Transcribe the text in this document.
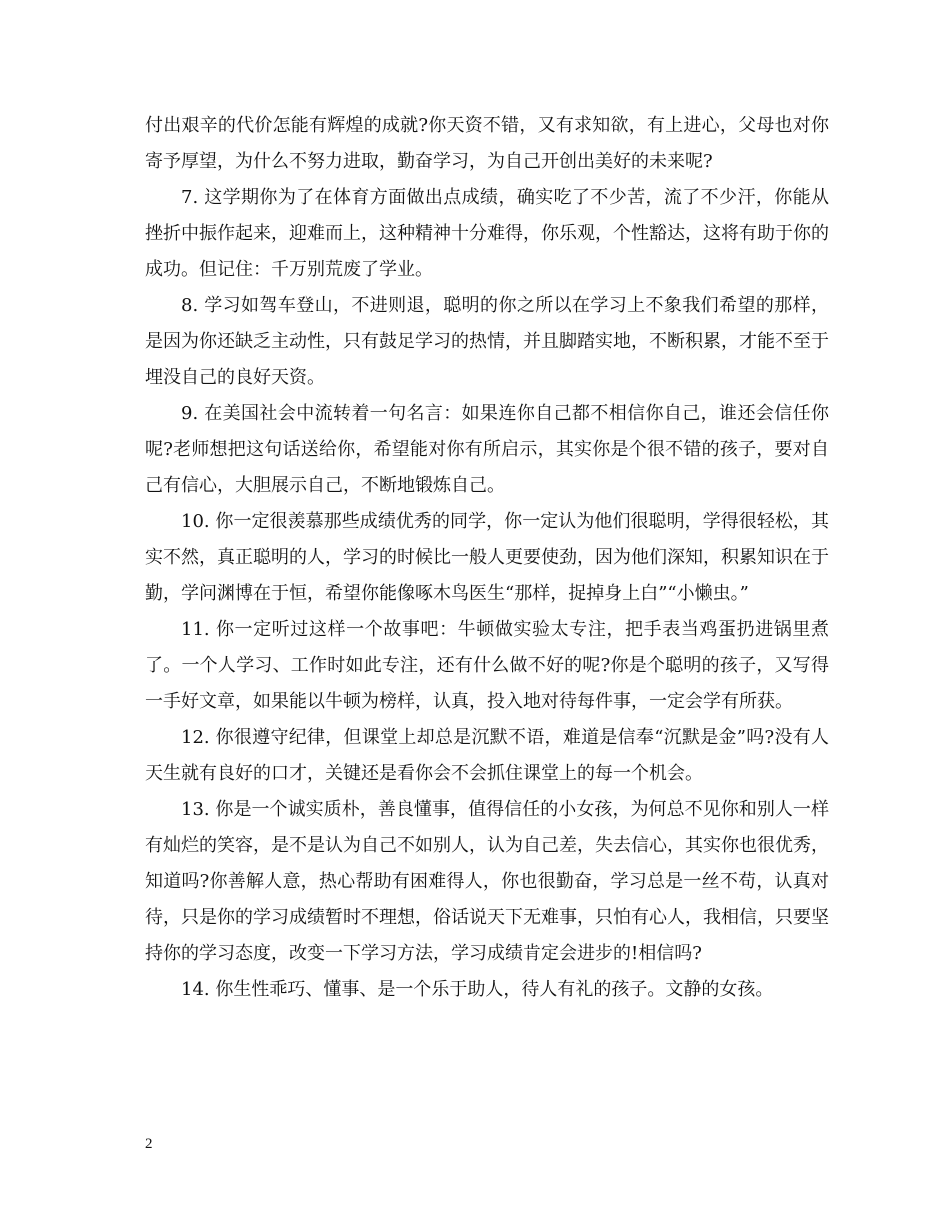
付出艰辛的代价怎能有辉煌的成就?你天资不错，又有求知欲，有上进心，父母也对你寄予厚望，为什么不努力进取，勤奋学习，为自己开创出美好的未来呢?

7. 这学期你为了在体育方面做出点成绩，确实吃了不少苦，流了不少汗，你能从挫折中振作起来，迎难而上，这种精神十分难得，你乐观，个性豁达，这将有助于你的成功。但记住：千万别荒废了学业。

8. 学习如驾车登山，不进则退，聪明的你之所以在学习上不象我们希望的那样，是因为你还缺乏主动性，只有鼓足学习的热情，并且脚踏实地，不断积累，才能不至于埋没自己的良好天资。

9. 在美国社会中流转着一句名言：如果连你自己都不相信你自己，谁还会信任你呢?老师想把这句话送给你，希望能对你有所启示，其实你是个很不错的孩子，要对自己有信心，大胆展示自己，不断地锻炼自己。

10. 你一定很羡慕那些成绩优秀的同学，你一定认为他们很聪明，学得很轻松，其实不然，真正聪明的人，学习的时候比一般人更要使劲，因为他们深知，积累知识在于勤，学问渊博在于恒，希望你能像啄木鸟医生“那样，捉掉身上白”“小懒虫。”

11. 你一定听过这样一个故事吧：牛顿做实验太专注，把手表当鸡蛋扔进锅里煮了。一个人学习、工作时如此专注，还有什么做不好的呢?你是个聪明的孩子，又写得一手好文章，如果能以牛顿为榜样，认真，投入地对待每件事，一定会学有所获。

12. 你很遵守纪律，但课堂上却总是沉默不语，难道是信奉“沉默是金”吗?没有人天生就有良好的口才，关键还是看你会不会抓住课堂上的每一个机会。

13. 你是一个诚实质朴，善良懂事，值得信任的小女孩，为何总不见你和别人一样有灿烂的笑容，是不是认为自己不如别人，认为自己差，失去信心，其实你也很优秀，知道吗?你善解人意，热心帮助有困难得人，你也很勤奋，学习总是一丝不苟，认真对待，只是你的学习成绩暂时不理想，俗话说天下无难事，只怕有心人，我相信，只要坚持你的学习态度，改变一下学习方法，学习成绩肯定会进步的!相信吗?

14. 你生性乖巧、懂事、是一个乐于助人，待人有礼的孩子。文静的女孩。

2
